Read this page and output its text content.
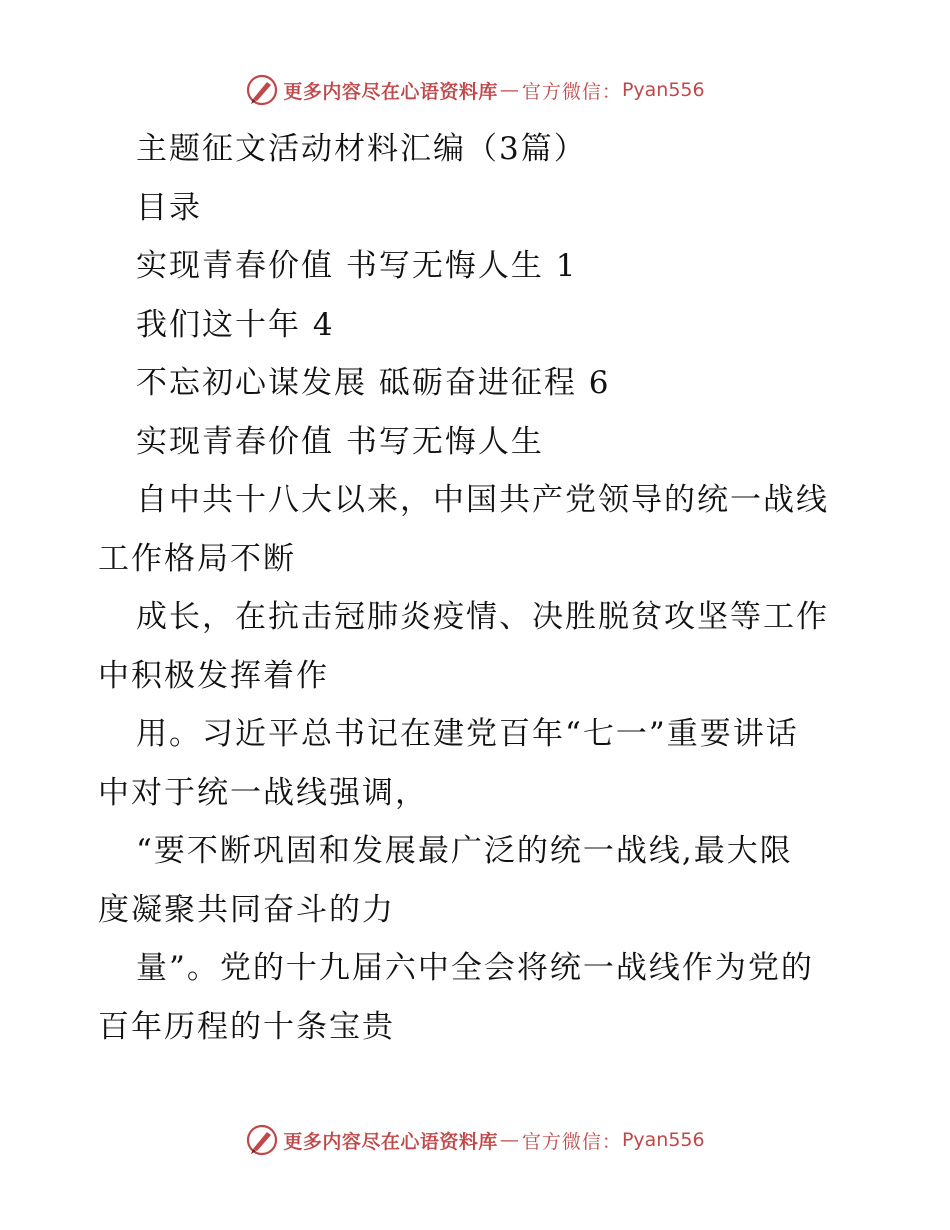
更多内容尽在心语资料库 — 官方微信： Pyan556
主题征文活动材料汇编（3篇）
目录
实现青春价值 书写无悔人生 1
我们这十年 4
不忘初心谋发展 砥砺奋进征程 6
实现青春价值 书写无悔人生
自中共十八大以来，中国共产党领导的统一战线
工作格局不断
成长，在抗击冠肺炎疫情、决胜脱贫攻坚等工作
中积极发挥着作
用。习近平总书记在建党百年“七一”重要讲话
中对于统一战线强调，
“要不断巩固和发展最广泛的统一战线,最大限
度凝聚共同奋斗的力
量”。党的十九届六中全会将统一战线作为党的
百年历程的十条宝贵
更多内容尽在心语资料库 — 官方微信： Pyan556
